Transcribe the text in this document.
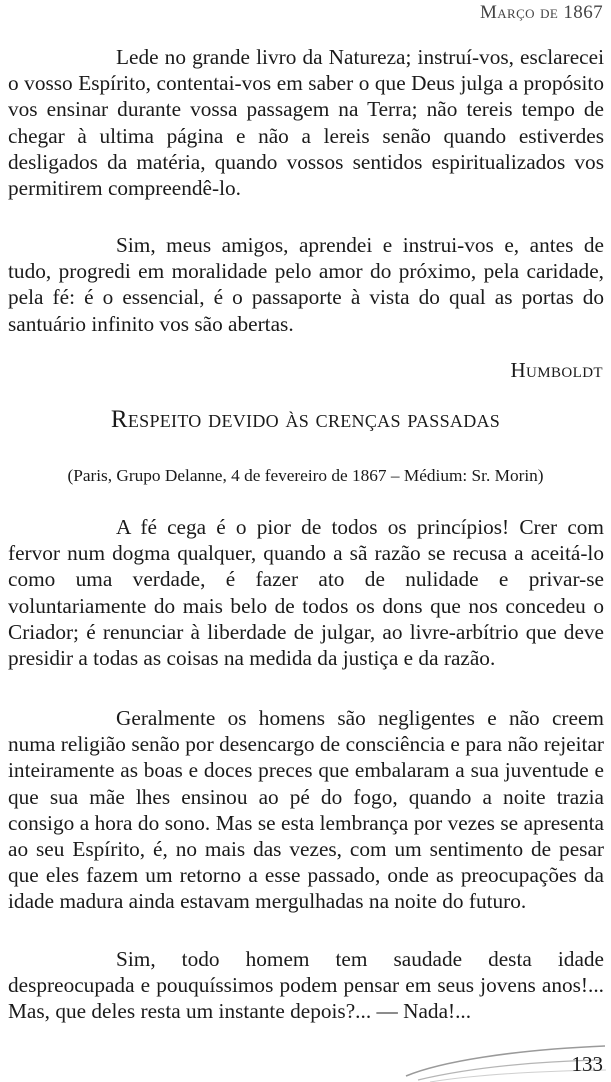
Março de 1867

Lede no grande livro da Natureza; instruí-vos, esclarecei o vosso Espírito, contentai-vos em saber o que Deus julga a propósito vos ensinar durante vossa passagem na Terra; não tereis tempo de chegar à ultima página e não a lereis senão quando estiverdes desligados da matéria, quando vossos sentidos espiritualizados vos permitirem compreendê-lo.

Sim, meus amigos, aprendei e instrui-vos e, antes de tudo, progredi em moralidade pelo amor do próximo, pela caridade, pela fé: é o essencial, é o passaporte à vista do qual as portas do santuário infinito vos são abertas.

Humboldt
Respeito devido às crenças passadas
(Paris, Grupo Delanne, 4 de fevereiro de 1867 – Médium: Sr. Morin)

A fé cega é o pior de todos os princípios! Crer com fervor num dogma qualquer, quando a sã razão se recusa a aceitá-lo como uma verdade, é fazer ato de nulidade e privar-se voluntariamente do mais belo de todos os dons que nos concedeu o Criador; é renunciar à liberdade de julgar, ao livre-arbítrio que deve presidir a todas as coisas na medida da justiça e da razão.

Geralmente os homens são negligentes e não creem numa religião senão por desencargo de consciência e para não rejeitar inteiramente as boas e doces preces que embalaram a sua juventude e que sua mãe lhes ensinou ao pé do fogo, quando a noite trazia consigo a hora do sono. Mas se esta lembrança por vezes se apresenta ao seu Espírito, é, no mais das vezes, com um sentimento de pesar que eles fazem um retorno a esse passado, onde as preocupações da idade madura ainda estavam mergulhadas na noite do futuro.

Sim, todo homem tem saudade desta idade despreocupada e pouquíssimos podem pensar em seus jovens anos!... Mas, que deles resta um instante depois?... — Nada!...

133
